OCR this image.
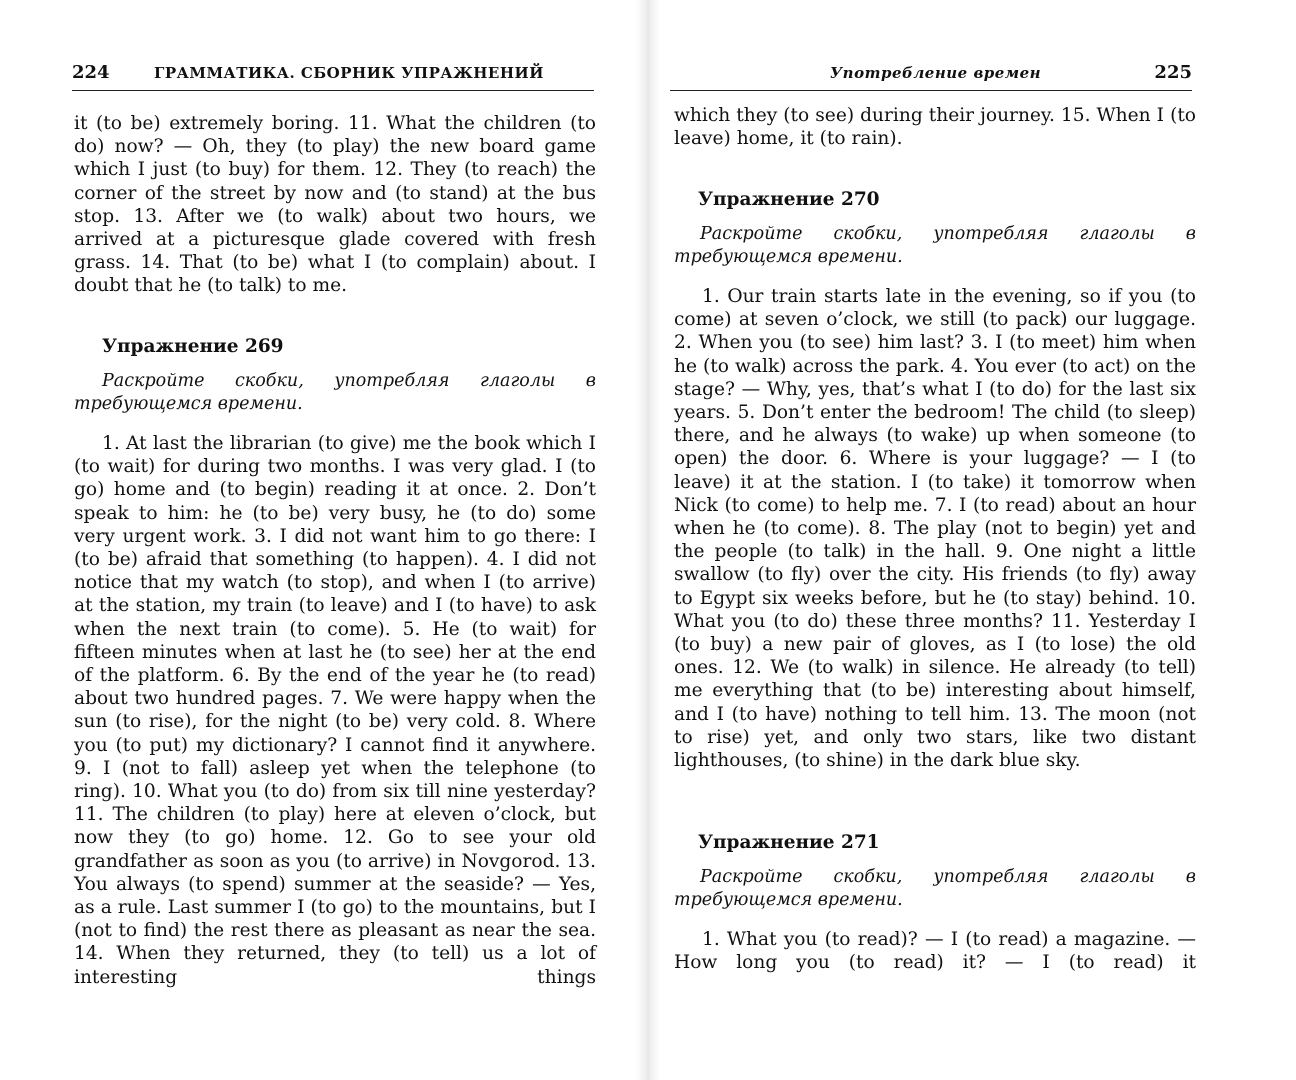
224	ГРАММАТИКА. СБОРНИК УПРАЖНЕНИЙ

it (to be) extremely boring. 11. What the children (to do) now? — Oh, they (to play) the new board game which I just (to buy) for them. 12. They (to reach) the corner of the street by now and (to stand) at the bus stop. 13. After we (to walk) about two hours, we arrived at a picturesque glade covered with fresh grass. 14. That (to be) what I (to complain) about. I doubt that he (to talk) to me.

Упражнение 269

Раскройте скобки, употребляя глаголы в требующемся времени.

1. At last the librarian (to give) me the book which I (to wait) for during two months. I was very glad. I (to go) home and (to begin) reading it at once. 2. Don’t speak to him: he (to be) very busy, he (to do) some very urgent work. 3. I did not want him to go there: I (to be) afraid that something (to happen). 4. I did not notice that my watch (to stop), and when I (to arrive) at the station, my train (to leave) and I (to have) to ask when the next train (to come). 5. He (to wait) for fifteen minutes when at last he (to see) her at the end of the platform. 6. By the end of the year he (to read) about two hundred pages. 7. We were happy when the sun (to rise), for the night (to be) very cold. 8. Where you (to put) my dictionary? I cannot find it anywhere. 9. I (not to fall) asleep yet when the telephone (to ring). 10. What you (to do) from six till nine yesterday? 11. The children (to play) here at eleven o’clock, but now they (to go) home. 12. Go to see your old grandfather as soon as you (to arrive) in Novgorod. 13. You always (to spend) summer at the seaside? — Yes, as a rule. Last summer I (to go) to the mountains, but I (not to find) the rest there as pleasant as near the sea. 14. When they returned, they (to tell) us a lot of interesting things

Употребление времен	225

which they (to see) during their journey. 15. When I (to leave) home, it (to rain).

Упражнение 270

Раскройте скобки, употребляя глаголы в требующемся времени.

1. Our train starts late in the evening, so if you (to come) at seven o’clock, we still (to pack) our luggage. 2. When you (to see) him last? 3. I (to meet) him when he (to walk) across the park. 4. You ever (to act) on the stage? — Why, yes, that’s what I (to do) for the last six years. 5. Don’t enter the bedroom! The child (to sleep) there, and he always (to wake) up when someone (to open) the door. 6. Where is your luggage? — I (to leave) it at the station. I (to take) it tomorrow when Nick (to come) to help me. 7. I (to read) about an hour when he (to come). 8. The play (not to begin) yet and the people (to talk) in the hall. 9. One night a little swallow (to fly) over the city. His friends (to fly) away to Egypt six weeks before, but he (to stay) behind. 10. What you (to do) these three months? 11. Yesterday I (to buy) a new pair of gloves, as I (to lose) the old ones. 12. We (to walk) in silence. He already (to tell) me everything that (to be) interesting about himself, and I (to have) nothing to tell him. 13. The moon (not to rise) yet, and only two stars, like two distant lighthouses, (to shine) in the dark blue sky.

Упражнение 271

Раскройте скобки, употребляя глаголы в требующемся времени.

1. What you (to read)? — I (to read) a magazine. — How long you (to read) it? — I (to read) it
